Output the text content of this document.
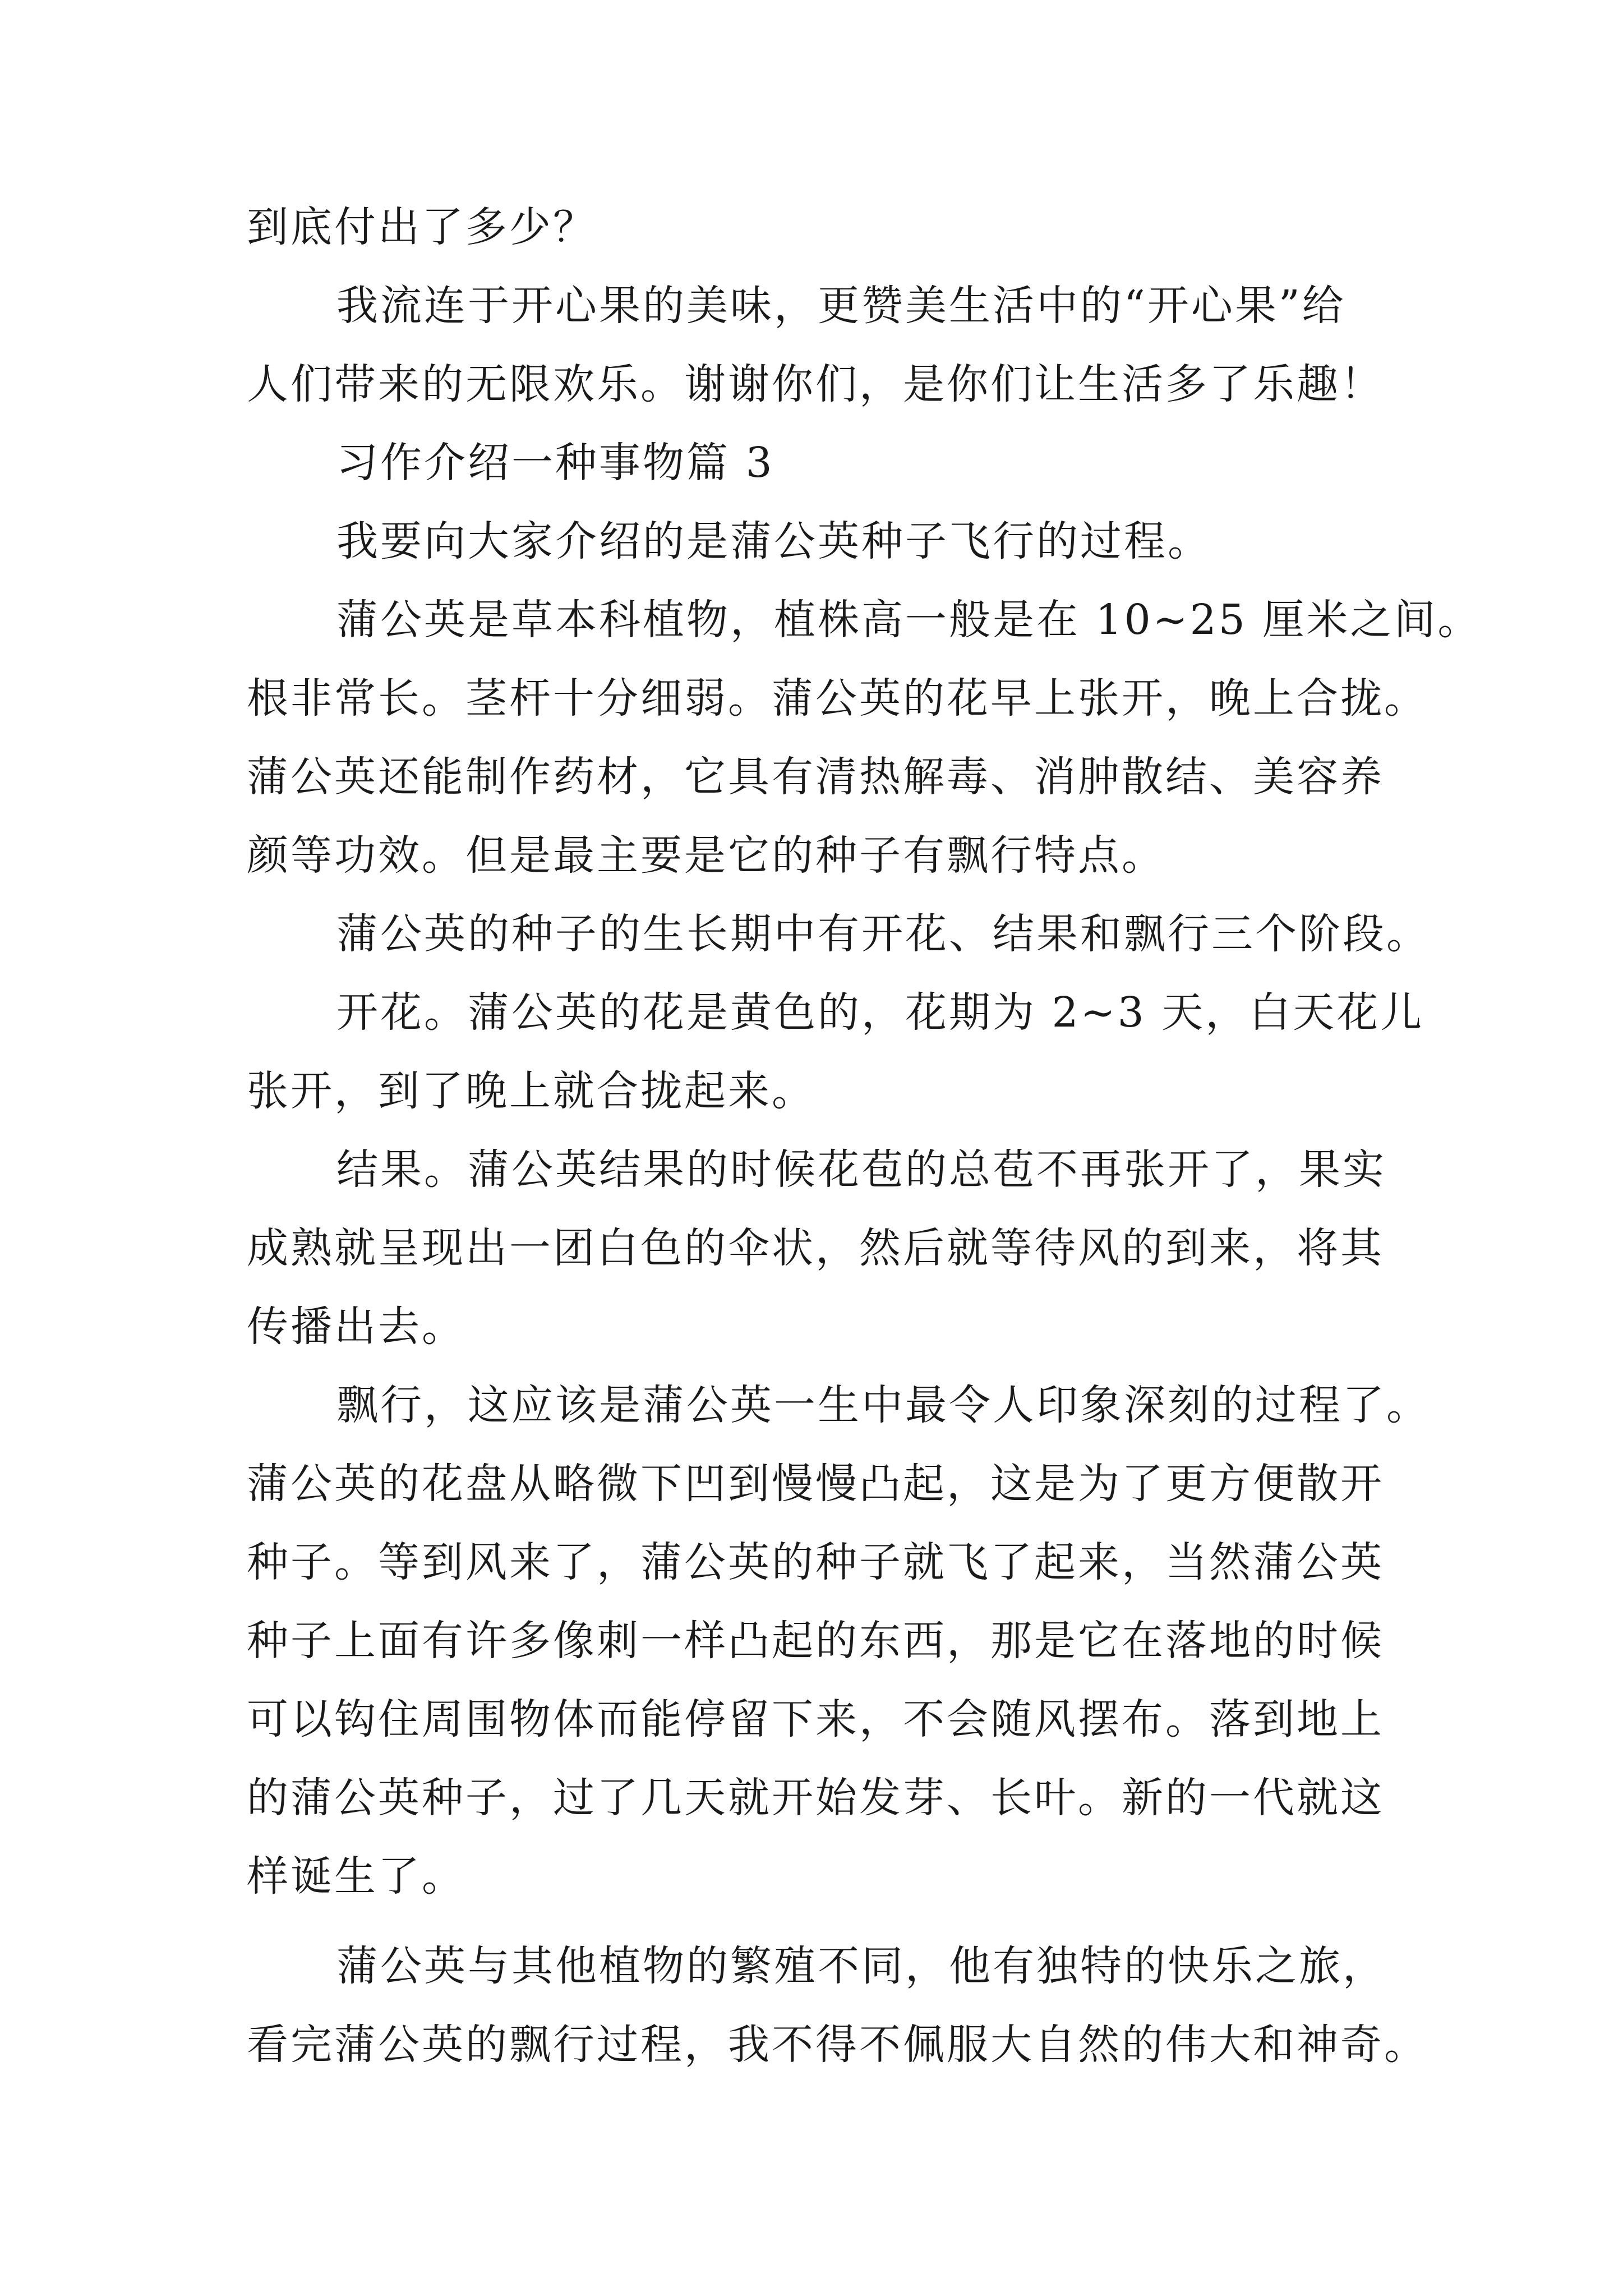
到底付出了多少？

我流连于开心果的美味，更赞美生活中的“开心果”给

人们带来的无限欢乐。谢谢你们，是你们让生活多了乐趣！

习作介绍一种事物篇 3

我要向大家介绍的是蒲公英种子飞行的过程。

蒲公英是草本科植物，植株高一般是在 10~25 厘米之间。

根非常长。茎杆十分细弱。蒲公英的花早上张开，晚上合拢。

蒲公英还能制作药材，它具有清热解毒、消肿散结、美容养

颜等功效。但是最主要是它的种子有飘行特点。

蒲公英的种子的生长期中有开花、结果和飘行三个阶段。

开花。蒲公英的花是黄色的，花期为 2~3 天，白天花儿

张开，到了晚上就合拢起来。

结果。蒲公英结果的时候花苞的总苞不再张开了，果实

成熟就呈现出一团白色的伞状，然后就等待风的到来，将其

传播出去。

飘行，这应该是蒲公英一生中最令人印象深刻的过程了。

蒲公英的花盘从略微下凹到慢慢凸起，这是为了更方便散开

种子。等到风来了，蒲公英的种子就飞了起来，当然蒲公英

种子上面有许多像刺一样凸起的东西，那是它在落地的时候

可以钩住周围物体而能停留下来，不会随风摆布。落到地上

的蒲公英种子，过了几天就开始发芽、长叶。新的一代就这

样诞生了。

蒲公英与其他植物的繁殖不同，他有独特的快乐之旅，

看完蒲公英的飘行过程，我不得不佩服大自然的伟大和神奇。
